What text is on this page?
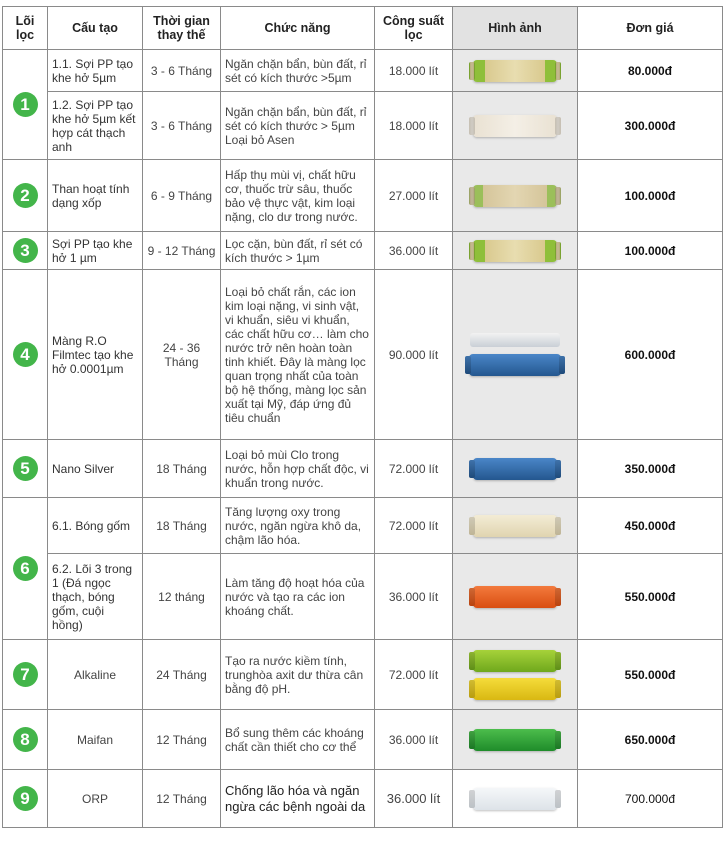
Lõi lọc	Cấu tạo	Thời gian thay thế	Chức năng	Công suất lọc	Hình ảnh	Đơn giá
1	1.1. Sợi PP tạo khe hở 5µm	3 - 6 Tháng	Ngăn chặn bẩn, bùn đất, rỉ sét có kích thước >5µm	18.000 lít		80.000đ
	1.2. Sợi PP tạo khe hở 5µm kết hợp cát thạch anh	3 - 6 Tháng	Ngăn chặn bẩn, bùn đất, rỉ sét có kích thước > 5µm Loại bỏ Asen	18.000 lít		300.000đ
2	Than hoạt tính dạng xốp	6 - 9 Tháng	Hấp thụ mùi vị, chất hữu cơ, thuốc trừ sâu, thuốc bảo vệ thực vật, kim loại nặng, clo dư trong nước.	27.000 lít		100.000đ
3	Sợi PP tạo khe hở 1 µm	9 - 12 Tháng	Lọc cặn, bùn đất, rỉ sét có kích thước > 1µm	36.000 lít		100.000đ
4	Màng R.O Filmtec tạo khe hở 0.0001µm	24 - 36 Tháng	Loại bỏ chất rắn, các ion kim loại nặng, vi sinh vật, vi khuẩn, siêu vi khuẩn, các chất hữu cơ… làm cho nước trở nên hoàn toàn tinh khiết. Đây là màng lọc quan trọng nhất của toàn bộ hệ thống, màng lọc sản xuất tại Mỹ, đáp ứng đủ tiêu chuẩn	90.000 lít		600.000đ
5	Nano Silver	18 Tháng	Loại bỏ mùi Clo trong nước, hỗn hợp chất độc, vi khuẩn trong nước.	72.000 lít		350.000đ
6	6.1. Bóng gốm	18 Tháng	Tăng lượng oxy trong nước, ngăn ngừa khô da, chậm lão hóa.	72.000 lít		450.000đ
	6.2. Lõi 3 trong 1 (Đá ngọc thạch, bóng gốm, cuội hồng)	12 tháng	Làm tăng độ hoạt hóa của nước và tạo ra các ion khoáng chất.	36.000 lít		550.000đ
7	Alkaline	24 Tháng	Tạo ra nước kiềm tính, trunghòa axit dư thừa cân bằng độ pH.	72.000 lít		550.000đ
8	Maifan	12 Tháng	Bổ sung thêm các khoáng chất cần thiết cho cơ thể	36.000 lít		650.000đ
9	ORP	12 Tháng	Chống lão hóa và ngăn ngừa các bệnh ngoài da	36.000 lít		700.000đ
